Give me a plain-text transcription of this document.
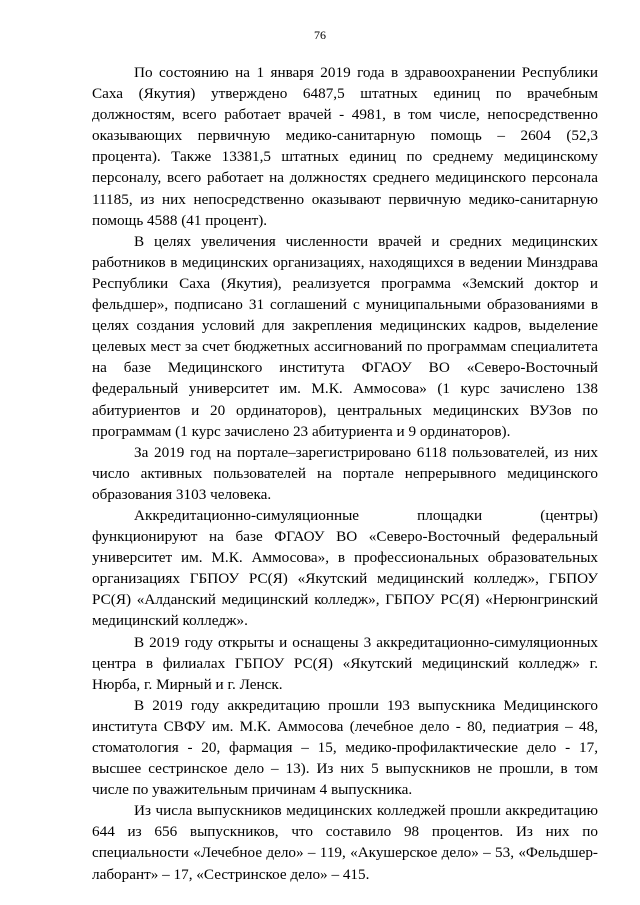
76

По состоянию на 1 января 2019 года в здравоохранении Республики Саха (Якутия) утверждено 6487,5 штатных единиц по врачебным должностям, всего работает врачей - 4981, в том числе, непосредственно оказывающих первичную медико-санитарную помощь – 2604 (52,3 процента). Также 13381,5 штатных единиц по среднему медицинскому персоналу, всего работает на должностях среднего медицинского персонала 11185, из них непосредственно оказывают первичную медико-санитарную помощь 4588 (41 процент).

В целях увеличения численности врачей и средних медицинских работников в медицинских организациях, находящихся в ведении Минздрава Республики Саха (Якутия), реализуется программа «Земский доктор и фельдшер», подписано 31 соглашений с муниципальными образованиями в целях создания условий для закрепления медицинских кадров, выделение целевых мест за счет бюджетных ассигнований по программам специалитета на базе Медицинского института ФГАОУ ВО «Северо-Восточный федеральный университет им. М.К. Аммосова» (1 курс зачислено 138 абитуриентов и 20 ординаторов), центральных медицинских ВУЗов по программам (1 курс зачислено 23 абитуриента и 9 ординаторов).

За 2019 год на портале–зарегистрировано 6118 пользователей, из них число активных пользователей на портале непрерывного медицинского образования 3103 человека.

Аккредитационно-симуляционные площадки (центры) функционируют на базе ФГАОУ ВО «Северо-Восточный федеральный университет им. М.К. Аммосова», в профессиональных образовательных организациях ГБПОУ РС(Я) «Якутский медицинский колледж», ГБПОУ РС(Я) «Алданский медицинский колледж», ГБПОУ РС(Я) «Нерюнгринский медицинский колледж».

В 2019 году открыты и оснащены 3 аккредитационно-симуляционных центра в филиалах ГБПОУ РС(Я) «Якутский медицинский колледж» г. Нюрба, г. Мирный и г. Ленск.

В 2019 году аккредитацию прошли 193 выпускника Медицинского института СВФУ им. М.К. Аммосова (лечебное дело - 80, педиатрия – 48, стоматология - 20, фармация – 15, медико-профилактические дело - 17, высшее сестринское дело – 13). Из них 5 выпускников не прошли, в том числе по уважительным причинам 4 выпускника.

Из числа выпускников медицинских колледжей прошли аккредитацию 644 из 656 выпускников, что составило 98 процентов. Из них по специальности «Лечебное дело» – 119, «Акушерское дело» – 53, «Фельдшер-лаборант» – 17, «Сестринское дело» – 415.
